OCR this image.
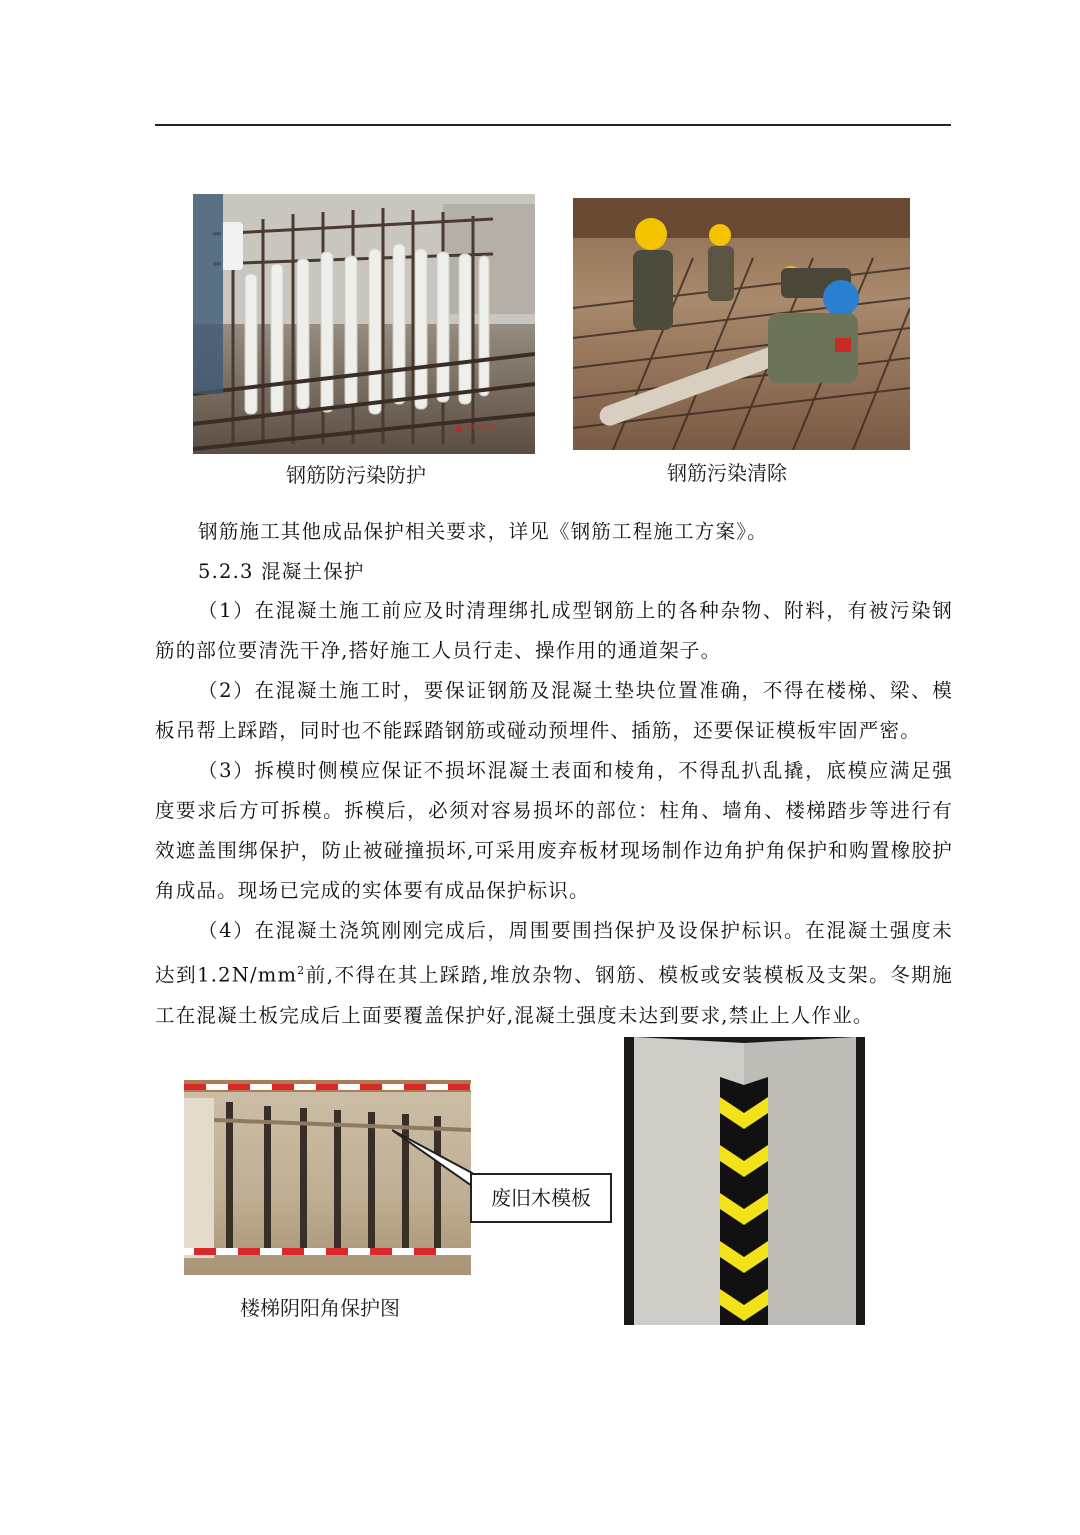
▲ Image
钢筋防污染防护	钢筋污染清除

钢筋施工其他成品保护相关要求，详见《钢筋工程施工方案》。

5.2.3 混凝土保护

（1）在混凝土施工前应及时清理绑扎成型钢筋上的各种杂物、附料，有被污染钢筋的部位要清洗干净,搭好施工人员行走、操作用的通道架子。

（2）在混凝土施工时，要保证钢筋及混凝土垫块位置准确，不得在楼梯、梁、模板吊帮上踩踏，同时也不能踩踏钢筋或碰动预埋件、插筋，还要保证模板牢固严密。

（3）拆模时侧模应保证不损坏混凝土表面和棱角，不得乱扒乱撬，底模应满足强度要求后方可拆模。拆模后，必须对容易损坏的部位：柱角、墙角、楼梯踏步等进行有效遮盖围绑保护，防止被碰撞损坏,可采用废弃板材现场制作边角护角保护和购置橡胶护角成品。现场已完成的实体要有成品保护标识。

（4）在混凝土浇筑刚刚完成后，周围要围挡保护及设保护标识。在混凝土强度未达到$1.2N/mm^2$前,不得在其上踩踏,堆放杂物、钢筋、模板或安装模板及支架。冬期施工在混凝土板完成后上面要覆盖保护好,混凝土强度未达到要求,禁止上人作业。

废旧木模板
楼梯阴阳角保护图
